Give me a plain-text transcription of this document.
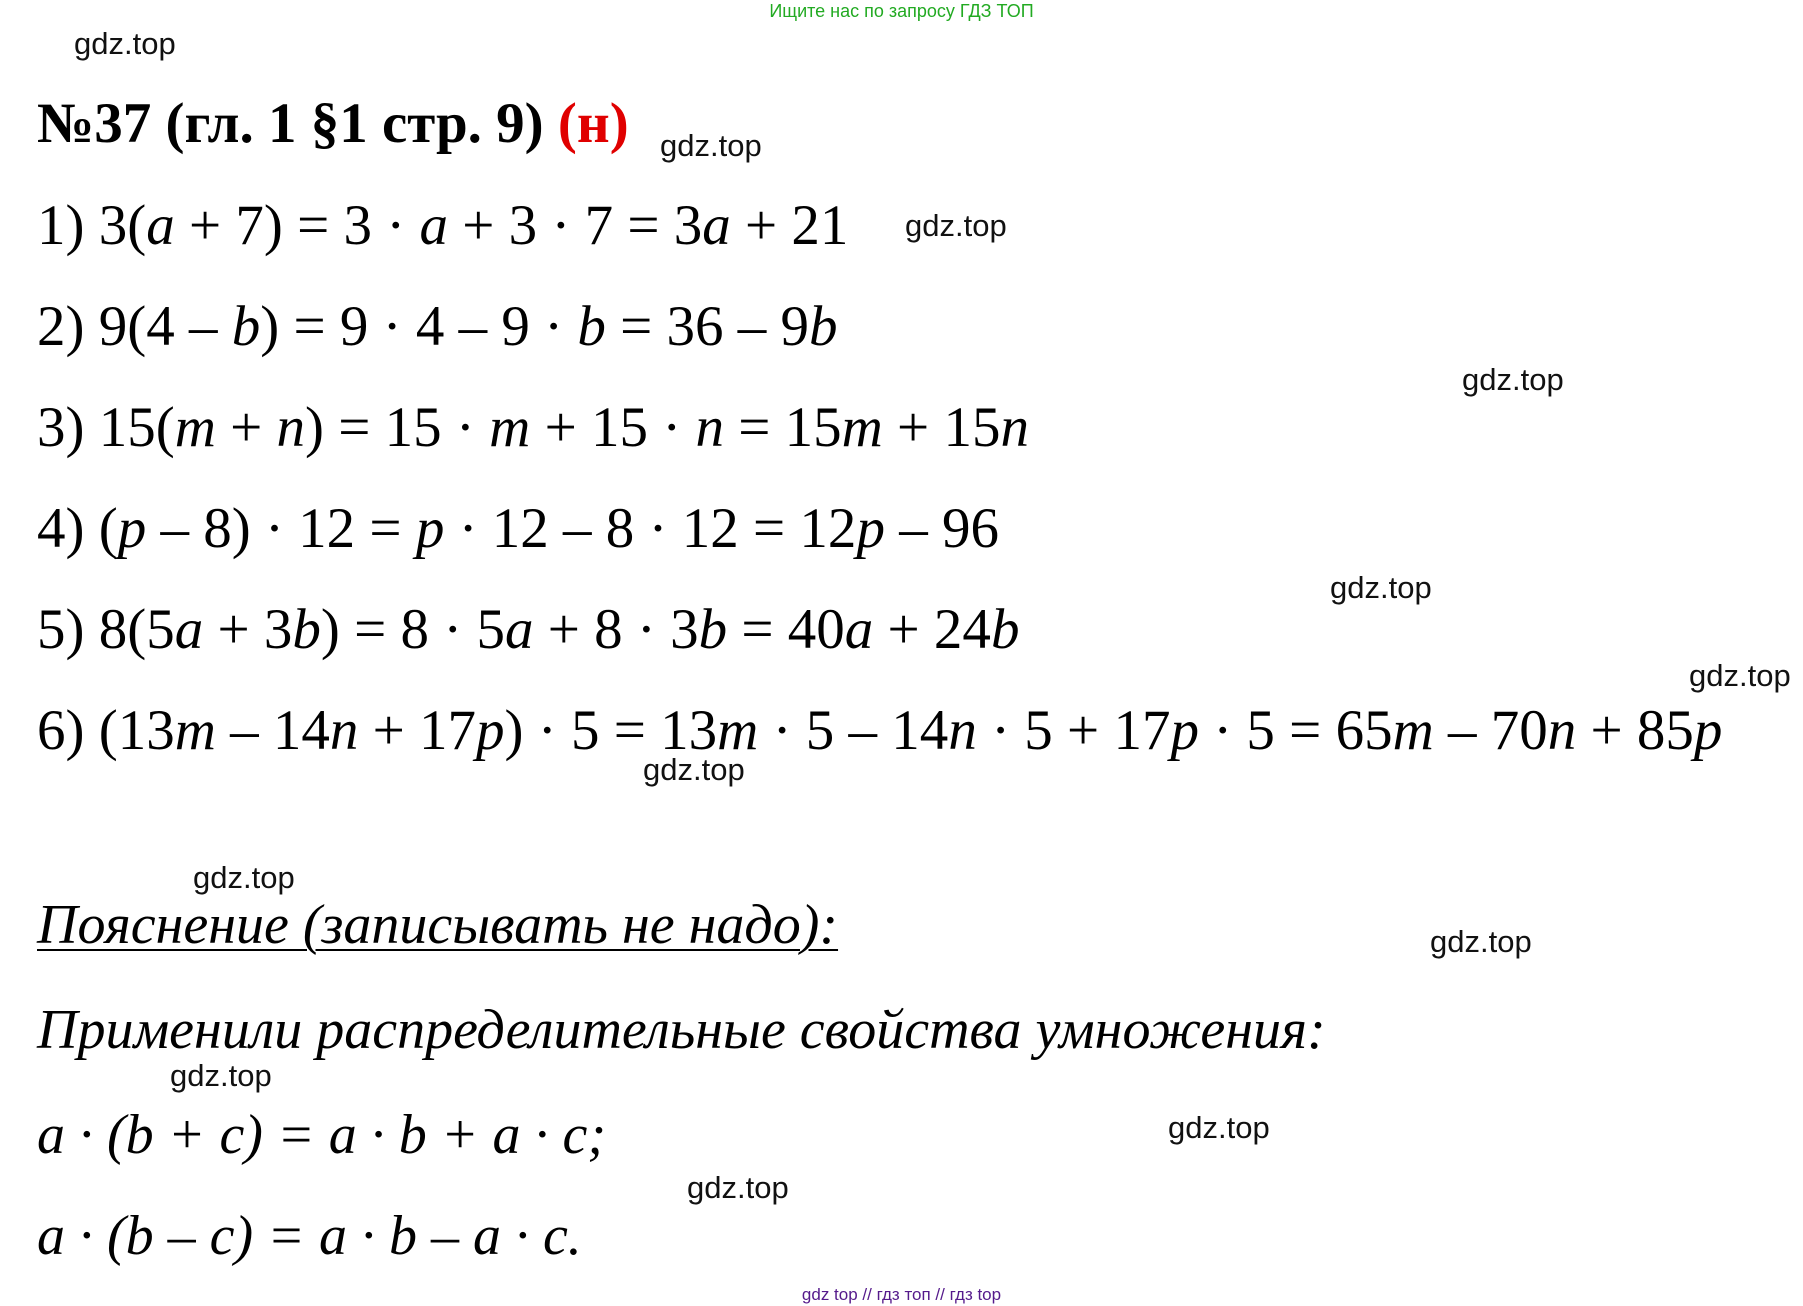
Ищите нас по запросу ГДЗ ТОП
gdz.top
№37 (гл. 1 §1 стр. 9) (н) gdz.top
1) 3(a + 7) = 3 · a + 3 · 7 = 3a + 21 gdz.top
2) 9(4 – b) = 9 · 4 – 9 · b = 36 – 9b
gdz.top
3) 15(m + n) = 15 · m + 15 · n = 15m + 15n
4) (p – 8) · 12 = p · 12 – 8 · 12 = 12p – 96
gdz.top
5) 8(5a + 3b) = 8 · 5a + 8 · 3b = 40a + 24b
gdz.top
6) (13m – 14n + 17p) · 5 = 13m · 5 – 14n · 5 + 17p · 5 = 65m – 70n + 85p
gdz.top
gdz.top
Пояснение (записывать не надо):	gdz.top
Применили распределительные свойства умножения:
gdz.top
a · (b + c) = a · b + a · c;	gdz.top
gdz.top
a · (b – c) = a · b – a · c.
gdz top // гдз топ // гдз top
